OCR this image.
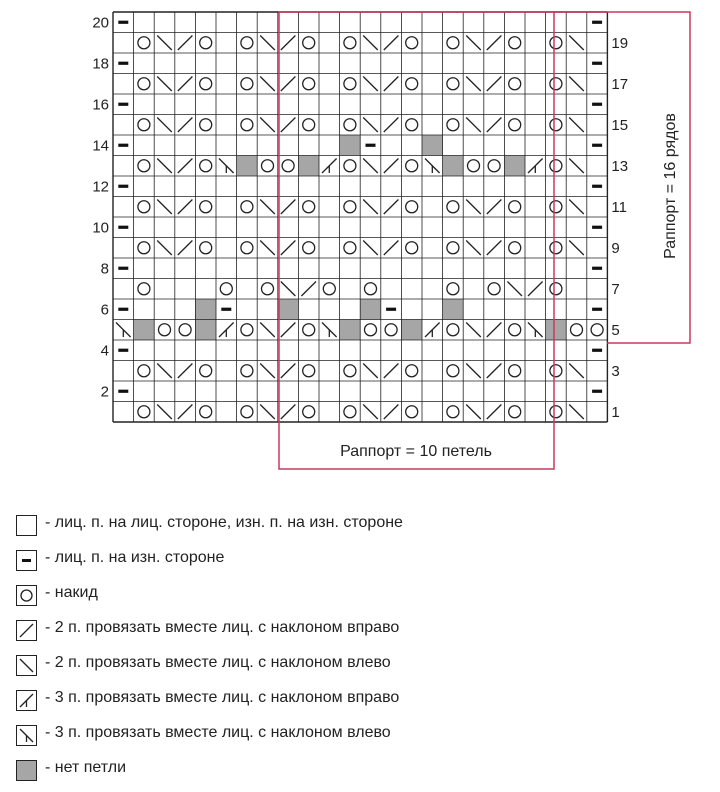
20
18
16
14
12
10
8
6
4
2
19
17
15
13
11
9
7
5
3
1
Раппорт = 10 петель
Раппорт = 16 рядов
- лиц. п. на лиц. стороне, изн. п. на изн. стороне
- лиц. п. на изн. стороне
- накид
- 2 п. провязать вместе лиц. с наклоном вправо
- 2 п. провязать вместе лиц. с наклоном влево
- 3 п. провязать вместе лиц. с наклоном вправо
- 3 п. провязать вместе лиц. с наклоном влево
- нет петли
